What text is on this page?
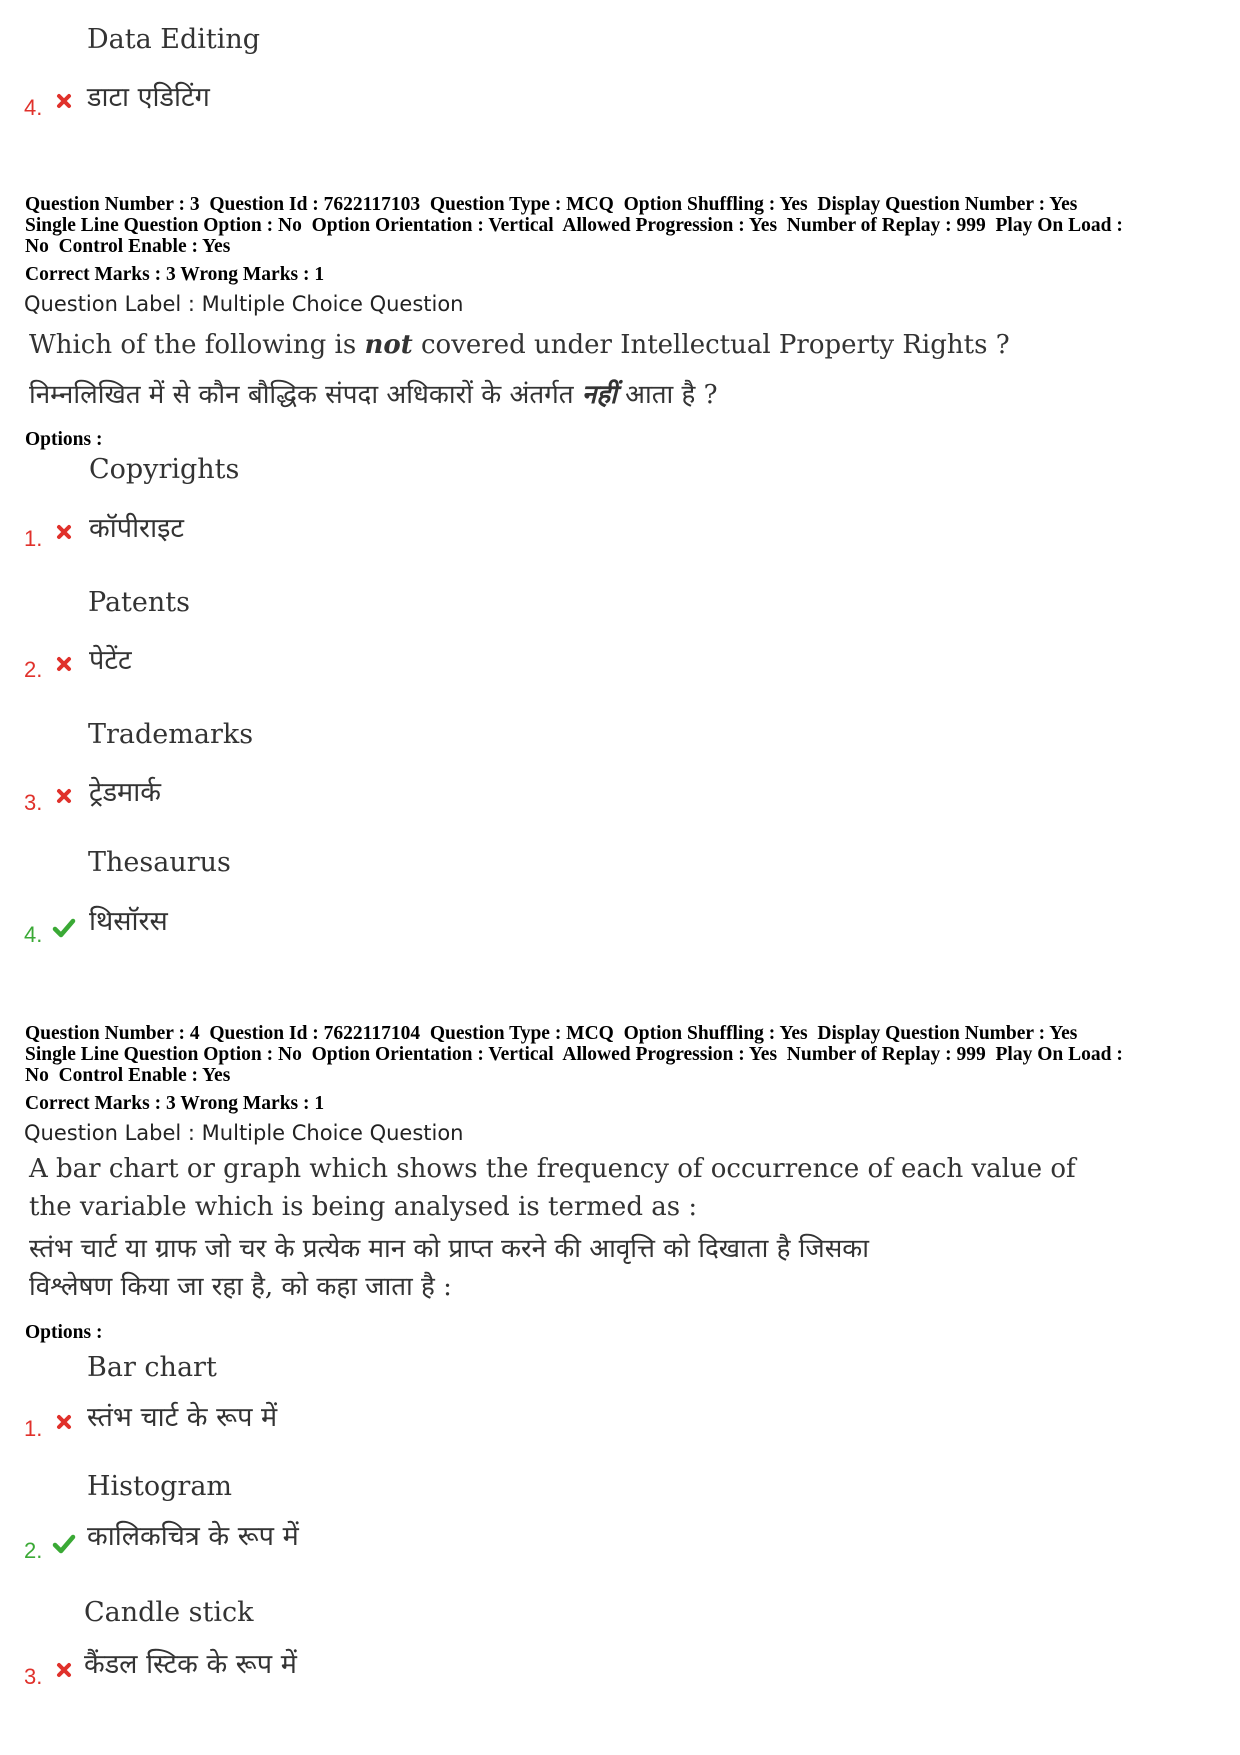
Data Editing
4. डाटा एडिटिंग
Question Number : 3  Question Id : 7622117103  Question Type : MCQ  Option Shuffling : Yes  Display Question Number : Yes
Single Line Question Option : No  Option Orientation : Vertical  Allowed Progression : Yes  Number of Replay : 999  Play On Load :
No  Control Enable : Yes
Correct Marks : 3 Wrong Marks : 1
Question Label : Multiple Choice Question
Which of the following is not covered under Intellectual Property Rights ?
निम्नलिखित में से कौन बौद्धिक संपदा अधिकारों के अंतर्गत नहीं आता है ?
Options :
Copyrights
1. कॉपीराइट
Patents
2. पेटेंट
Trademarks
3. ट्रेडमार्क
Thesaurus
4. थिसॉरस
Question Number : 4  Question Id : 7622117104  Question Type : MCQ  Option Shuffling : Yes  Display Question Number : Yes
Single Line Question Option : No  Option Orientation : Vertical  Allowed Progression : Yes  Number of Replay : 999  Play On Load :
No  Control Enable : Yes
Correct Marks : 3 Wrong Marks : 1
Question Label : Multiple Choice Question
A bar chart or graph which shows the frequency of occurrence of each value of
the variable which is being analysed is termed as :
स्तंभ चार्ट या ग्राफ जो चर के प्रत्येक मान को प्राप्त करने की आवृत्ति को दिखाता है जिसका
विश्लेषण किया जा रहा है, को कहा जाता है :
Options :
Bar chart
1. स्तंभ चार्ट के रूप में
Histogram
2. कालिकचित्र के रूप में
Candle stick
3. कैंडल स्टिक के रूप में
